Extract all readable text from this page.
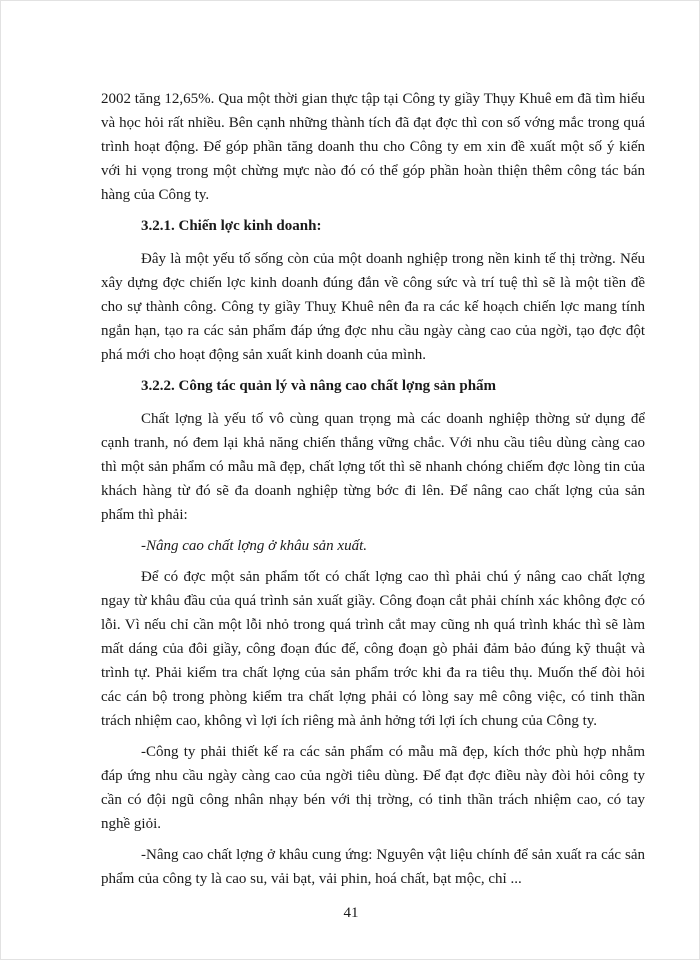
2002 tăng 12,65%. Qua một thời gian thực tập tại Công ty giầy Thụy Khuê em đã tìm hiểu và học hỏi rất nhiều. Bên cạnh những thành tích đã đạt đợc thì con số vớng mắc trong quá trình hoạt động. Để góp phần tăng doanh thu cho Công ty em xin đề xuất một số ý kiến với hi vọng trong một chừng mực nào đó có thể góp phần hoàn thiện thêm công tác bán hàng của Công ty.

3.2.1. Chiến lợc kinh doanh:

Đây là một yếu tố sống còn của một doanh nghiệp trong nền kinh tế thị trờng. Nếu xây dựng đợc chiến lợc kinh doanh đúng đắn về công sức và trí tuệ thì sẽ là một tiền đề cho sự thành công. Công ty giầy Thuỵ Khuê nên đa ra các kế hoạch chiến lợc mang tính ngắn hạn, tạo ra các sản phẩm đáp ứng đợc nhu cầu ngày càng cao của ngời, tạo đợc đột phá mới cho hoạt động sản xuất kinh doanh của mình.

3.2.2. Công tác quản lý và nâng cao chất lợng sản phẩm

Chất lợng là yếu tố vô cùng quan trọng mà các doanh nghiệp thờng sử dụng để cạnh tranh, nó đem lại khả năng chiến thắng vững chắc. Với nhu cầu tiêu dùng càng cao thì một sản phẩm có mẫu mã đẹp, chất lợng tốt thì sẽ nhanh chóng chiếm đợc lòng tin của khách hàng từ đó sẽ đa doanh nghiệp từng bớc đi lên. Để nâng cao chất lợng của sản phẩm thì phải:

-Nâng cao chất lợng ở khâu sản xuất.

Để có đợc một sản phẩm tốt có chất lợng cao thì phải chú ý nâng cao chất lợng ngay từ khâu đầu của quá trình sản xuất giầy. Công đoạn cắt phải chính xác không đợc có lỗi. Vì nếu chỉ cần một lỗi nhỏ trong quá trình cắt may cũng nh quá trình khác thì sẽ làm mất dáng của đôi giầy, công đoạn đúc đế, công đoạn gò phải đảm bảo đúng kỹ thuật và trình tự. Phải kiểm tra chất lợng của sản phẩm trớc khi đa ra tiêu thụ. Muốn thế đòi hỏi các cán bộ trong phòng kiểm tra chất lợng phải có lòng say mê công việc, có tinh thần trách nhiệm cao, không vì lợi ích riêng mà ảnh hởng tới lợi ích chung của Công ty.

-Công ty phải thiết kế ra các sản phẩm có mẫu mã đẹp, kích thớc phù hợp nhằm đáp ứng nhu cầu ngày càng cao của ngời tiêu dùng. Để đạt đợc điều này đòi hỏi công ty cần có đội ngũ công nhân nhạy bén với thị trờng, có tinh thần trách nhiệm cao, có tay nghề giỏi.

-Nâng cao chất lợng ở khâu cung ứng: Nguyên vật liệu chính để sản xuất ra các sản phẩm của công ty là cao su, vải bạt, vải phin, hoá chất, bạt mộc, chỉ ...

41
